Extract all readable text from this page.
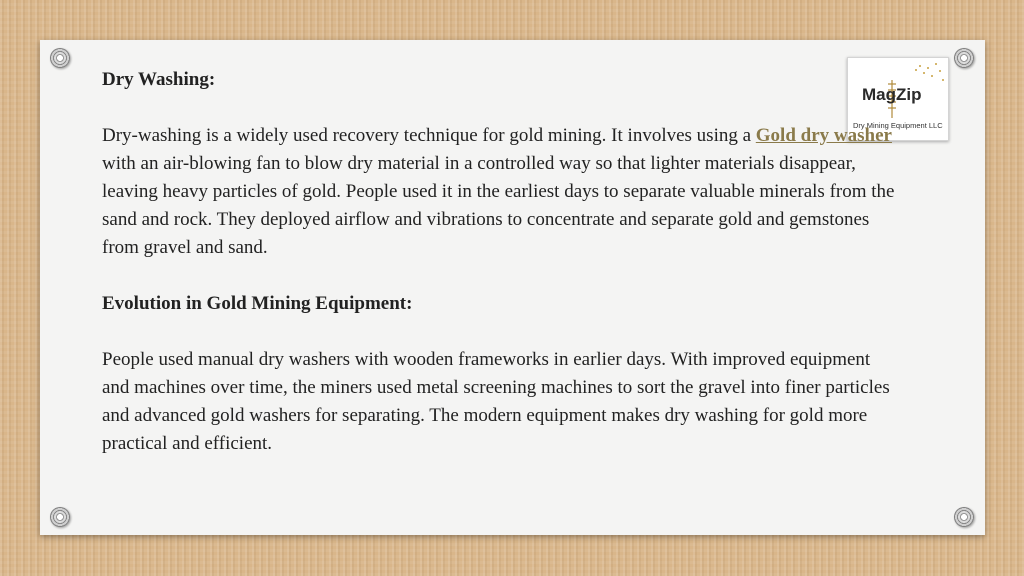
MagZip
Dry Mining Equipment LLC
Dry Washing:

Dry-washing is a widely used recovery technique for gold mining. It involves using a Gold dry washer with an air-blowing fan to blow dry material in a controlled way so that lighter materials disappear, leaving heavy particles of gold. People used it in the earliest days to separate valuable minerals from the sand and rock. They deployed airflow and vibrations to concentrate and separate gold and gemstones from gravel and sand.

Evolution in Gold Mining Equipment:

People used manual dry washers with wooden frameworks in earlier days. With improved equipment and machines over time, the miners used metal screening machines to sort the gravel into finer particles and advanced gold washers for separating. The modern equipment makes dry washing for gold more practical and efficient.
